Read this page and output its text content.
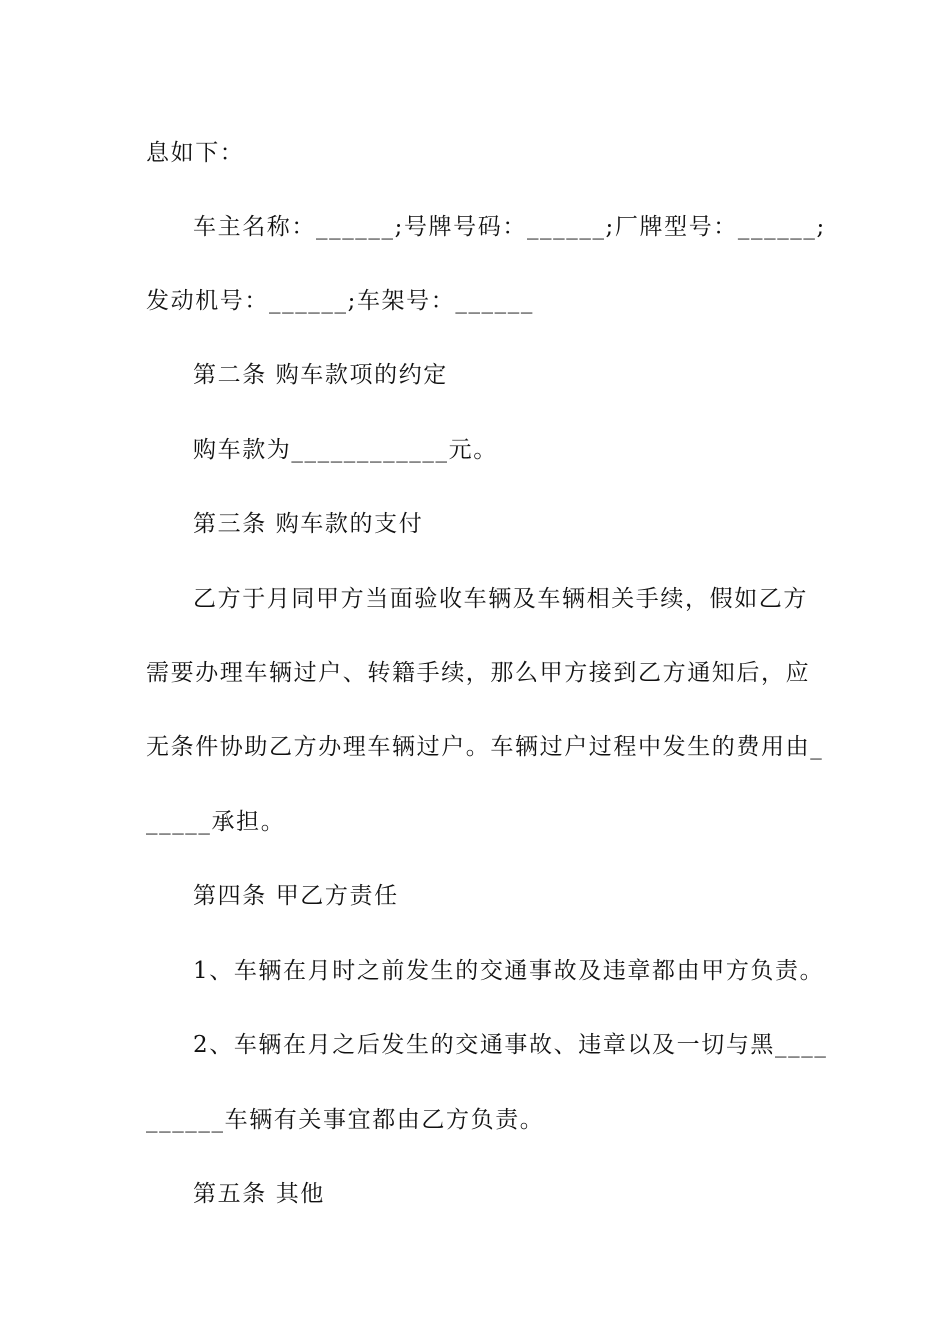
息如下：
车主名称：______;号牌号码：______;厂牌型号：______;
发动机号：______;车架号：______
第二条 购车款项的约定
购车款为____________元。
第三条 购车款的支付
乙方于月同甲方当面验收车辆及车辆相关手续，假如乙方
需要办理车辆过户、转籍手续，那么甲方接到乙方通知后，应
无条件协助乙方办理车辆过户。车辆过户过程中发生的费用由_
_____承担。
第四条 甲乙方责任
1、车辆在月时之前发生的交通事故及违章都由甲方负责。
2、车辆在月之后发生的交通事故、违章以及一切与黑____
______车辆有关事宜都由乙方负责。
第五条 其他
